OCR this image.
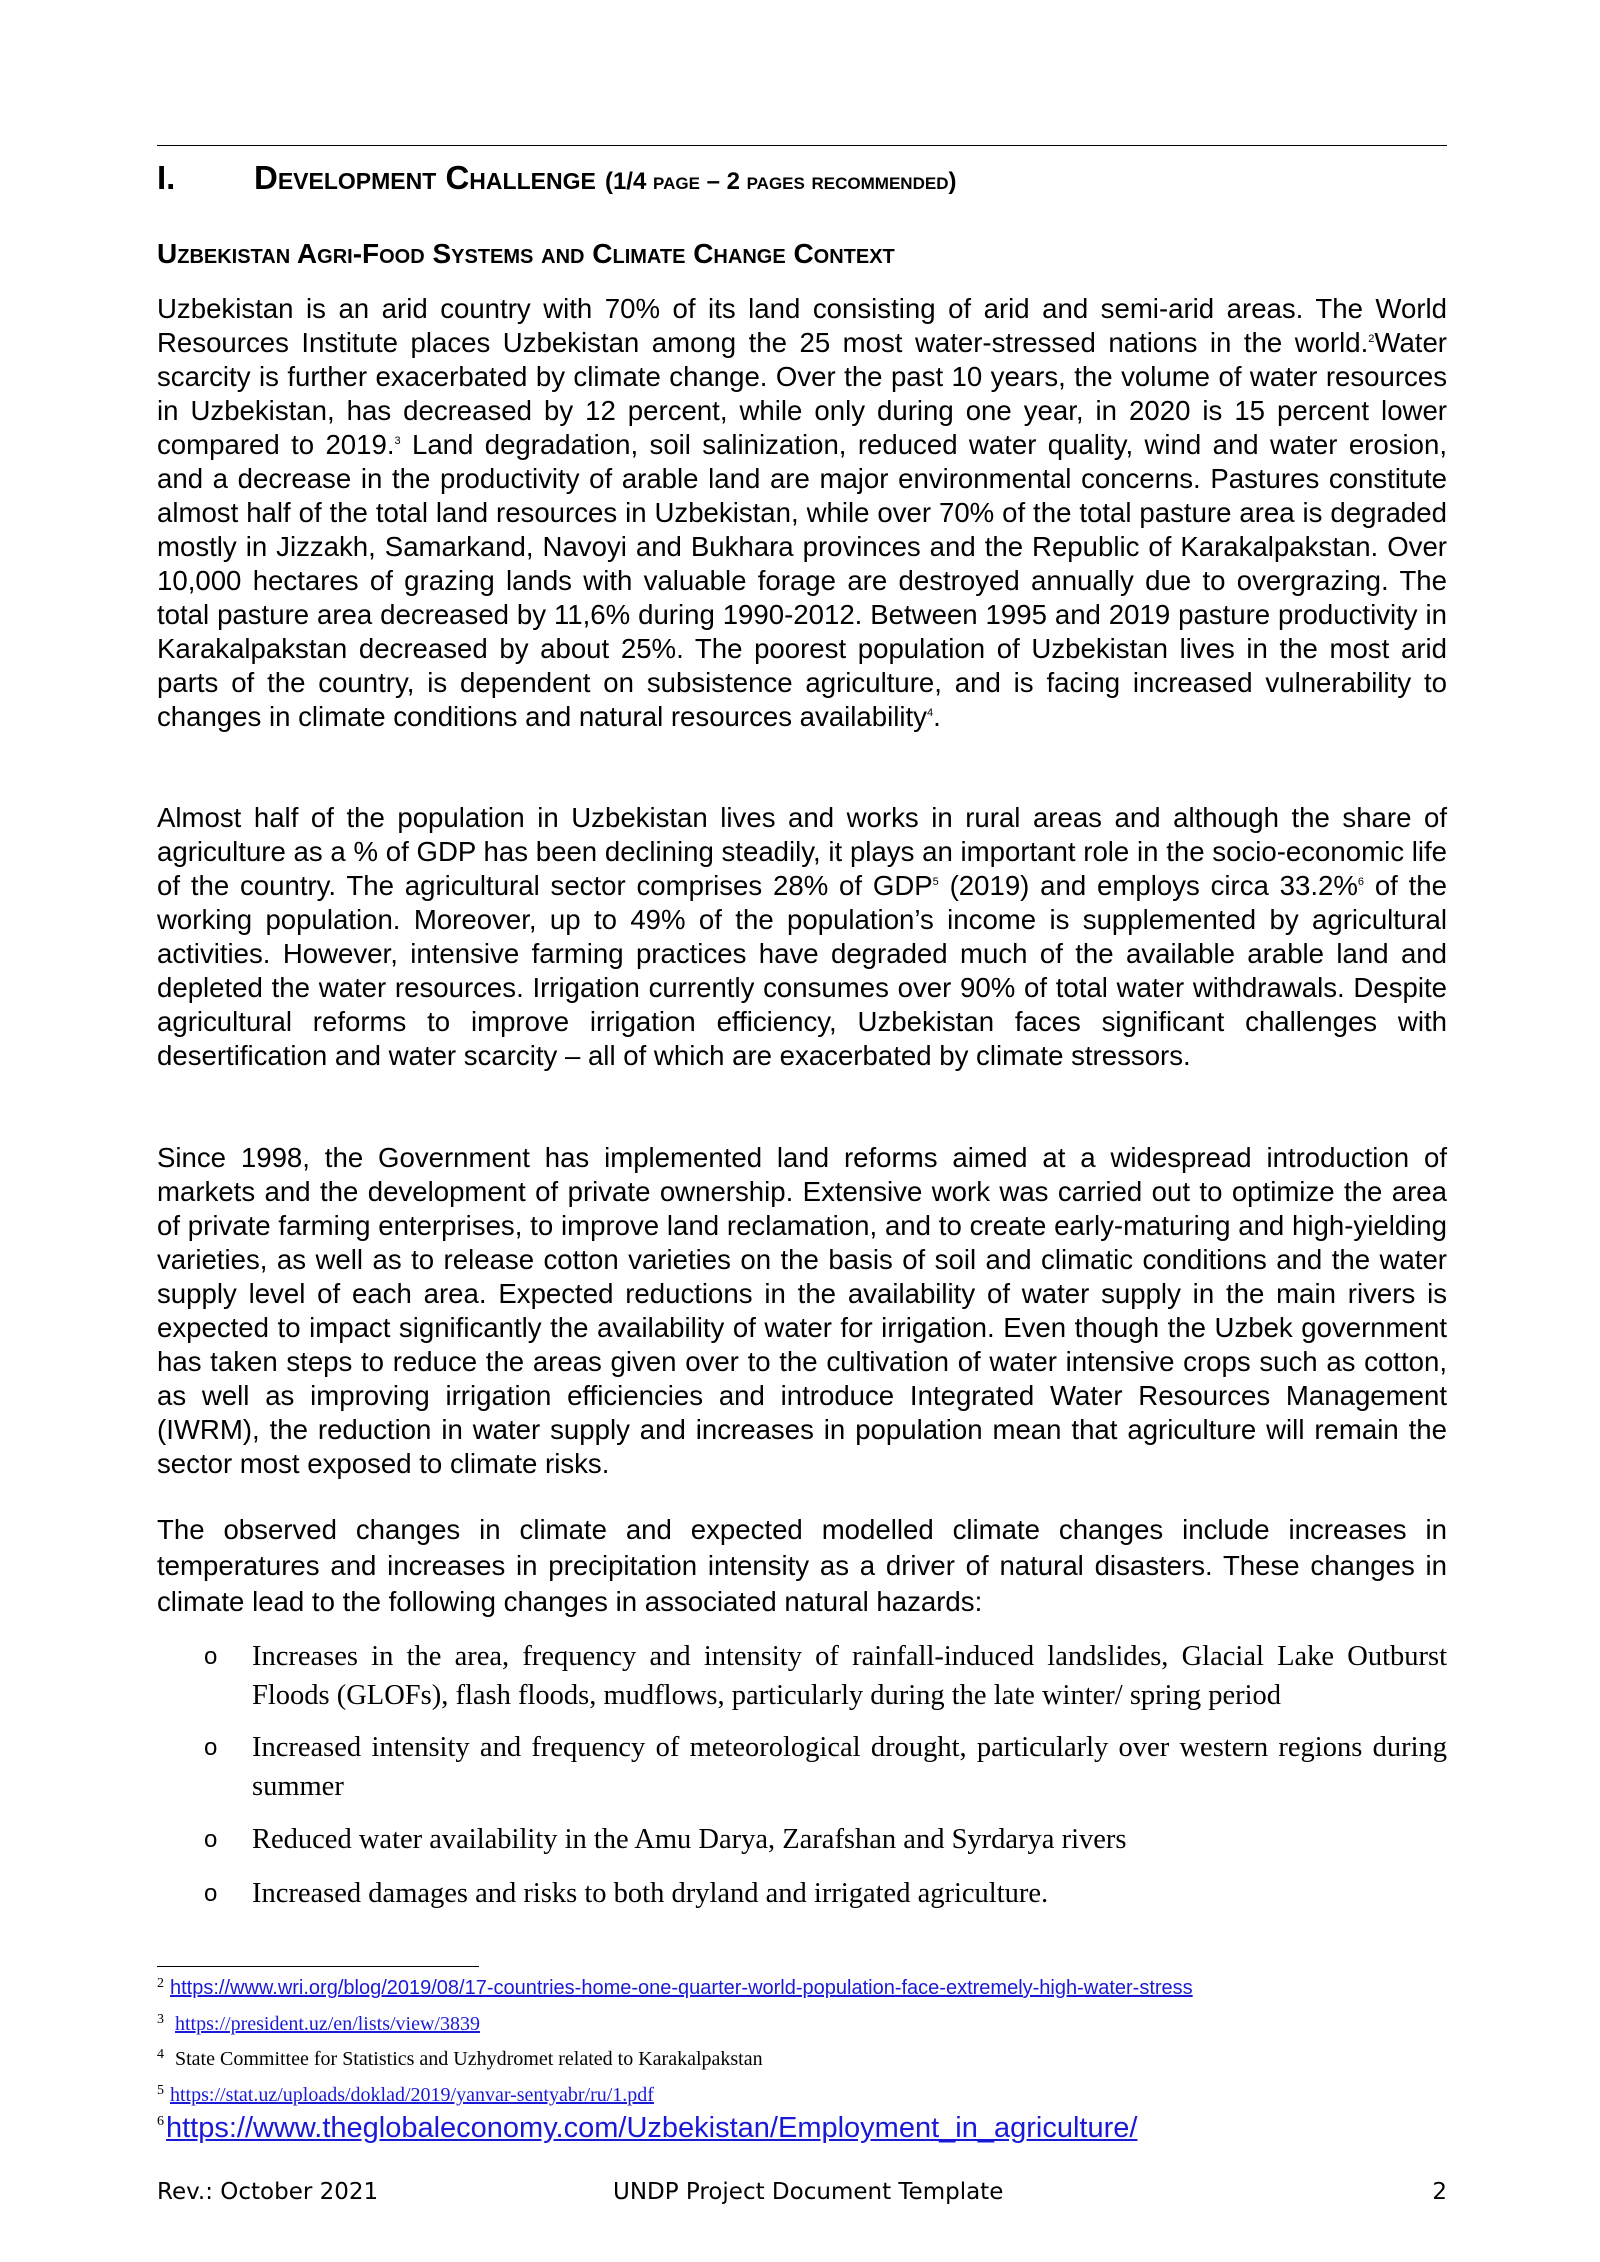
I. Development Challenge (1/4 page – 2 pages recommended)
Uzbekistan Agri-Food Systems and Climate Change Context

Uzbekistan is an arid country with 70% of its land consisting of arid and semi-arid areas. The World Resources Institute places Uzbekistan among the 25 most water-stressed nations in the world.$^2$Water scarcity is further exacerbated by climate change. Over the past 10 years, the volume of water resources in Uzbekistan, has decreased by 12 percent, while only during one year, in 2020 is 15 percent lower compared to 2019.$^3$ Land degradation, soil salinization, reduced water quality, wind and water erosion, and a decrease in the productivity of arable land are major environmental concerns. Pastures constitute almost half of the total land resources in Uzbekistan, while over 70% of the total pasture area is degraded mostly in Jizzakh, Samarkand, Navoyi and Bukhara provinces and the Republic of Karakalpakstan. Over 10,000 hectares of grazing lands with valuable forage are destroyed annually due to overgrazing. The total pasture area decreased by 11,6% during 1990-2012. Between 1995 and 2019 pasture productivity in Karakalpakstan decreased by about 25%. The poorest population of Uzbekistan lives in the most arid parts of the country, is dependent on subsistence agriculture, and is facing increased vulnerability to changes in climate conditions and natural resources availability$^4$.

Almost half of the population in Uzbekistan lives and works in rural areas and although the share of agriculture as a % of GDP has been declining steadily, it plays an important role in the socio-economic life of the country. The agricultural sector comprises 28% of GDP$^5$ (2019) and employs circa 33.2%$^6$ of the working population. Moreover, up to 49% of the population’s income is supplemented by agricultural activities. However, intensive farming practices have degraded much of the available arable land and depleted the water resources. Irrigation currently consumes over 90% of total water withdrawals. Despite agricultural reforms to improve irrigation efficiency, Uzbekistan faces significant challenges with desertification and water scarcity – all of which are exacerbated by climate stressors.

Since 1998, the Government has implemented land reforms aimed at a widespread introduction of markets and the development of private ownership. Extensive work was carried out to optimize the area of private farming enterprises, to improve land reclamation, and to create early-maturing and high-yielding varieties, as well as to release cotton varieties on the basis of soil and climatic conditions and the water supply level of each area. Expected reductions in the availability of water supply in the main rivers is expected to impact significantly the availability of water for irrigation. Even though the Uzbek government has taken steps to reduce the areas given over to the cultivation of water intensive crops such as cotton, as well as improving irrigation efficiencies and introduce Integrated Water Resources Management (IWRM), the reduction in water supply and increases in population mean that agriculture will remain the sector most exposed to climate risks.

The observed changes in climate and expected modelled climate changes include increases in temperatures and increases in precipitation intensity as a driver of natural disasters. These changes in climate lead to the following changes in associated natural hazards:

o Increases in the area, frequency and intensity of rainfall-induced landslides, Glacial Lake Outburst Floods (GLOFs), flash floods, mudflows, particularly during the late winter/ spring period
o Increased intensity and frequency of meteorological drought, particularly over western regions during summer
o Reduced water availability in the Amu Darya, Zarafshan and Syrdarya rivers
o Increased damages and risks to both dryland and irrigated agriculture.
$^2$ https://www.wri.org/blog/2019/08/17-countries-home-one-quarter-world-population-face-extremely-high-water-stress
$^3$ https://president.uz/en/lists/view/3839
$^4$ State Committee for Statistics and Uzhydromet related to Karakalpakstan
$^5$ https://stat.uz/uploads/doklad/2019/yanvar-sentyabr/ru/1.pdf
$^6$https://www.theglobaleconomy.com/Uzbekistan/Employment_in_agriculture/
Rev.: October 2021	UNDP Project Document Template	2
